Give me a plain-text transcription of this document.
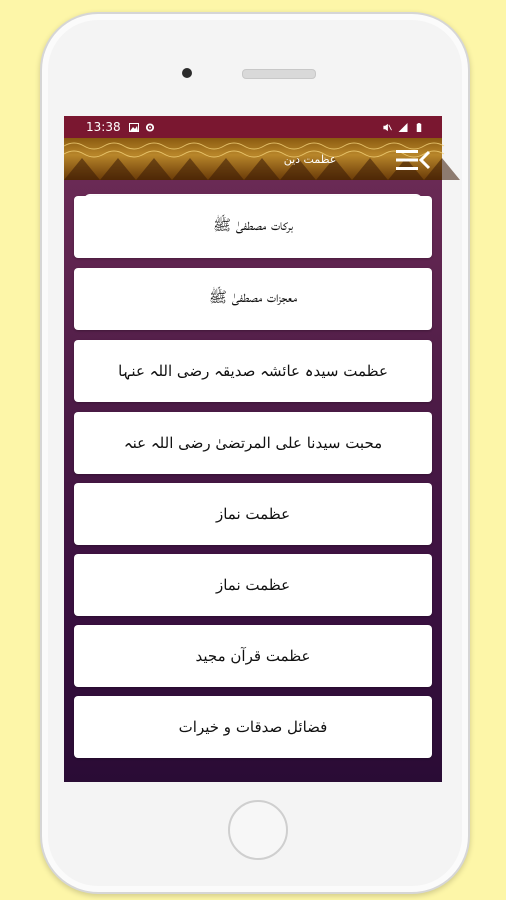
13:38
عظمت دین
فہرست میں تلاش کریں (فہرست صرف اردو میں موجود ہے)
برکات مصطفیٰ ﷺ
معجزات مصطفیٰ ﷺ
عظمت سیدہ عائشہ صدیقہ رضی اللہ عنہا
محبت سیدنا علی المرتضیٰ رضی اللہ عنہ
عظمت نماز
عظمت نماز
عظمت قرآن مجید
فضائل صدقات و خیرات
